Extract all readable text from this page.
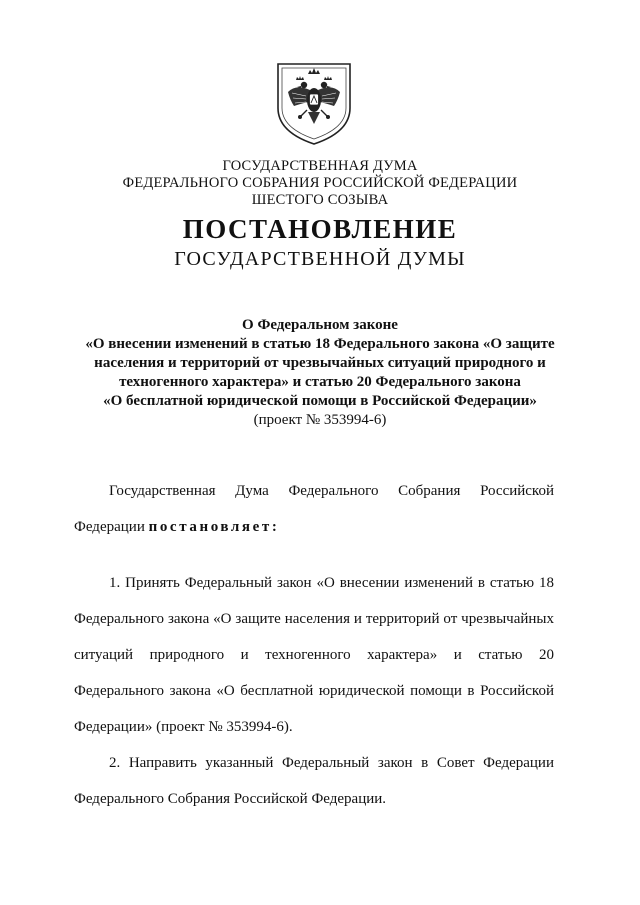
ГОСУДАРСТВЕННАЯ ДУМА
ФЕДЕРАЛЬНОГО СОБРАНИЯ РОССИЙСКОЙ ФЕДЕРАЦИИ
ШЕСТОГО СОЗЫВА
ПОСТАНОВЛЕНИЕ
ГОСУДАРСТВЕННОЙ ДУМЫ
О Федеральном законе
«О внесении изменений в статью 18 Федерального закона «О защите
населения и территорий от чрезвычайных ситуаций природного и
техногенного характера» и статью 20 Федерального закона
«О бесплатной юридической помощи в Российской Федерации»
(проект № 353994-6)
Государственная Дума Федерального Собрания Российской
Федерации постановляет:
1. Принять Федеральный закон «О внесении изменений в статью 18
Федерального закона «О защите населения и территорий от чрезвычайных
ситуаций природного и техногенного характера» и статью 20
Федерального закона «О бесплатной юридической помощи в Российской
Федерации» (проект № 353994-6).
2. Направить указанный Федеральный закон в Совет Федерации
Федерального Собрания Российской Федерации.
